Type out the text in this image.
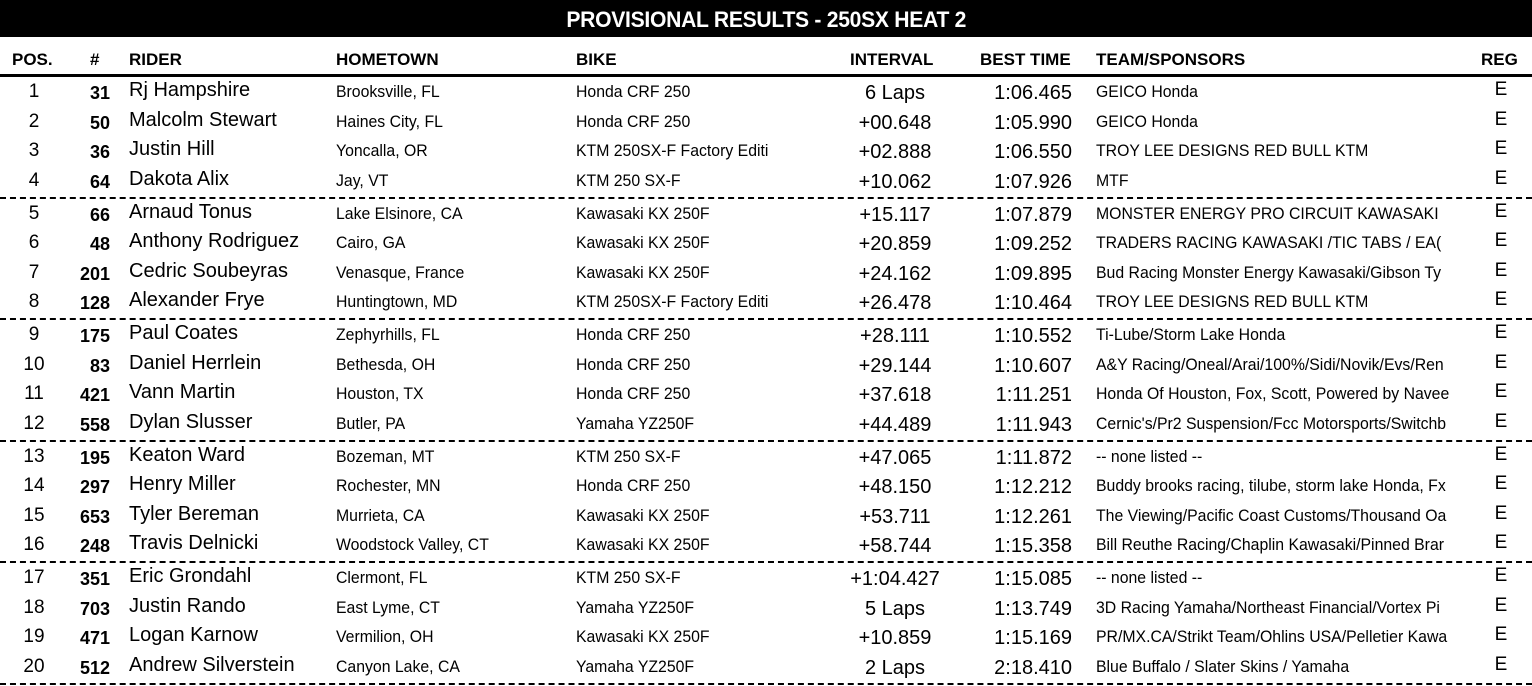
PROVISIONAL RESULTS - 250SX HEAT 2
POS. # RIDER	HOMETOWN	BIKE	INTERVAL	BEST TIME TEAM/SPONSORS	REG
1	31 Rj Hampshire	Brooksville, FL	Honda CRF 250	6 Laps	1:06.465 GEICO Honda	E
2	50 Malcolm Stewart	Haines City, FL	Honda CRF 250	+00.648	1:05.990 GEICO Honda	E
3	36 Justin Hill	Yoncalla, OR	KTM 250SX-F Factory Editi	+02.888	1:06.550 TROY LEE DESIGNS RED BULL KTM	E
4	64 Dakota Alix	Jay, VT	KTM 250 SX-F	+10.062	1:07.926 MTF	E
5	66 Arnaud Tonus	Lake Elsinore, CA	Kawasaki KX 250F	+15.117	1:07.879 MONSTER ENERGY PRO CIRCUIT KAWASAKI	E
6	48 Anthony Rodriguez	Cairo, GA	Kawasaki KX 250F	+20.859	1:09.252 TRADERS RACING KAWASAKI /TIC TABS / EA(	E
7	201 Cedric Soubeyras	Venasque, France	Kawasaki KX 250F	+24.162	1:09.895 Bud Racing Monster Energy Kawasaki/Gibson Ty	E
8	128 Alexander Frye	Huntingtown, MD	KTM 250SX-F Factory Editi	+26.478	1:10.464 TROY LEE DESIGNS RED BULL KTM	E
9	175 Paul Coates	Zephyrhills, FL	Honda CRF 250	+28.111	1:10.552 Ti-Lube/Storm Lake Honda	E
10	83 Daniel Herrlein	Bethesda, OH	Honda CRF 250	+29.144	1:10.607 A&Y Racing/Oneal/Arai/100%/Sidi/Novik/Evs/Ren	E
11	421 Vann Martin	Houston, TX	Honda CRF 250	+37.618	1:11.251 Honda Of Houston, Fox, Scott, Powered by Navee	E
12	558 Dylan Slusser	Butler, PA	Yamaha YZ250F	+44.489	1:11.943 Cernic's/Pr2 Suspension/Fcc Motorsports/Switchb	E
13	195 Keaton Ward	Bozeman, MT	KTM 250 SX-F	+47.065	1:11.872 -- none listed --	E
14	297 Henry Miller	Rochester, MN	Honda CRF 250	+48.150	1:12.212 Buddy brooks racing, tilube, storm lake Honda, Fx	E
15	653 Tyler Bereman	Murrieta, CA	Kawasaki KX 250F	+53.711	1:12.261 The Viewing/Pacific Coast Customs/Thousand Oa	E
16	248 Travis Delnicki	Woodstock Valley, CT	Kawasaki KX 250F	+58.744	1:15.358 Bill Reuthe Racing/Chaplin Kawasaki/Pinned Brar	E
17	351 Eric Grondahl	Clermont, FL	KTM 250 SX-F	+1:04.427	1:15.085 -- none listed --	E
18	703 Justin Rando	East Lyme, CT	Yamaha YZ250F	5 Laps	1:13.749 3D Racing Yamaha/Northeast Financial/Vortex Pi	E
19	471 Logan Karnow	Vermilion, OH	Kawasaki KX 250F	+10.859	1:15.169 PR/MX.CA/Strikt Team/Ohlins USA/Pelletier Kawa	E
20	512 Andrew Silverstein	Canyon Lake, CA	Yamaha YZ250F	2 Laps	2:18.410 Blue Buffalo / Slater Skins / Yamaha	E
